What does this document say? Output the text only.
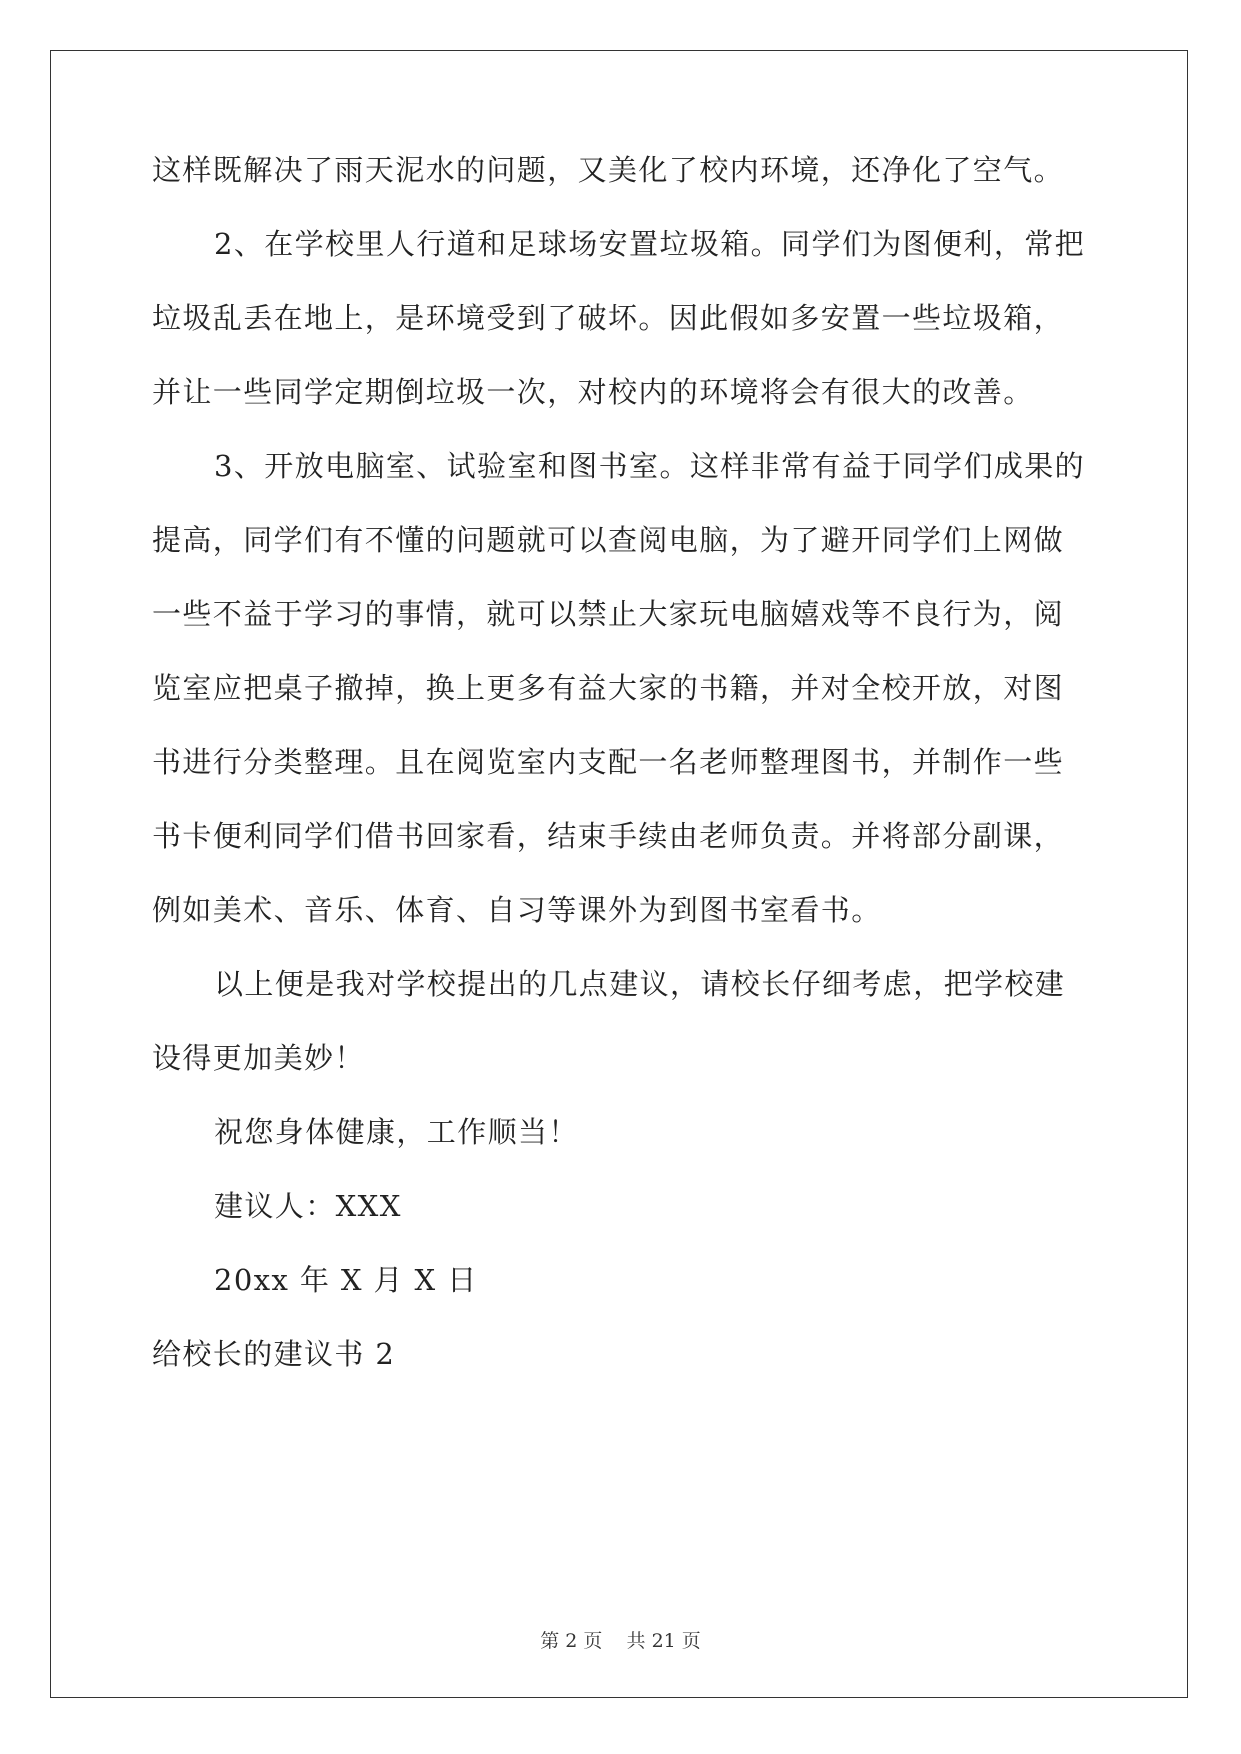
这样既解决了雨天泥水的问题，又美化了校内环境，还净化了空气。
2、在学校里人行道和足球场安置垃圾箱。同学们为图便利，常把
垃圾乱丢在地上，是环境受到了破坏。因此假如多安置一些垃圾箱，
并让一些同学定期倒垃圾一次，对校内的环境将会有很大的改善。
3、开放电脑室、试验室和图书室。这样非常有益于同学们成果的
提高，同学们有不懂的问题就可以查阅电脑，为了避开同学们上网做
一些不益于学习的事情，就可以禁止大家玩电脑嬉戏等不良行为，阅
览室应把桌子撤掉，换上更多有益大家的书籍，并对全校开放，对图
书进行分类整理。且在阅览室内支配一名老师整理图书，并制作一些
书卡便利同学们借书回家看，结束手续由老师负责。并将部分副课，
例如美术、音乐、体育、自习等课外为到图书室看书。
以上便是我对学校提出的几点建议，请校长仔细考虑，把学校建
设得更加美妙！
祝您身体健康，工作顺当！
建议人：XXX
20xx 年 X 月 X 日
给校长的建议书 2
第 2 页    共 21 页
